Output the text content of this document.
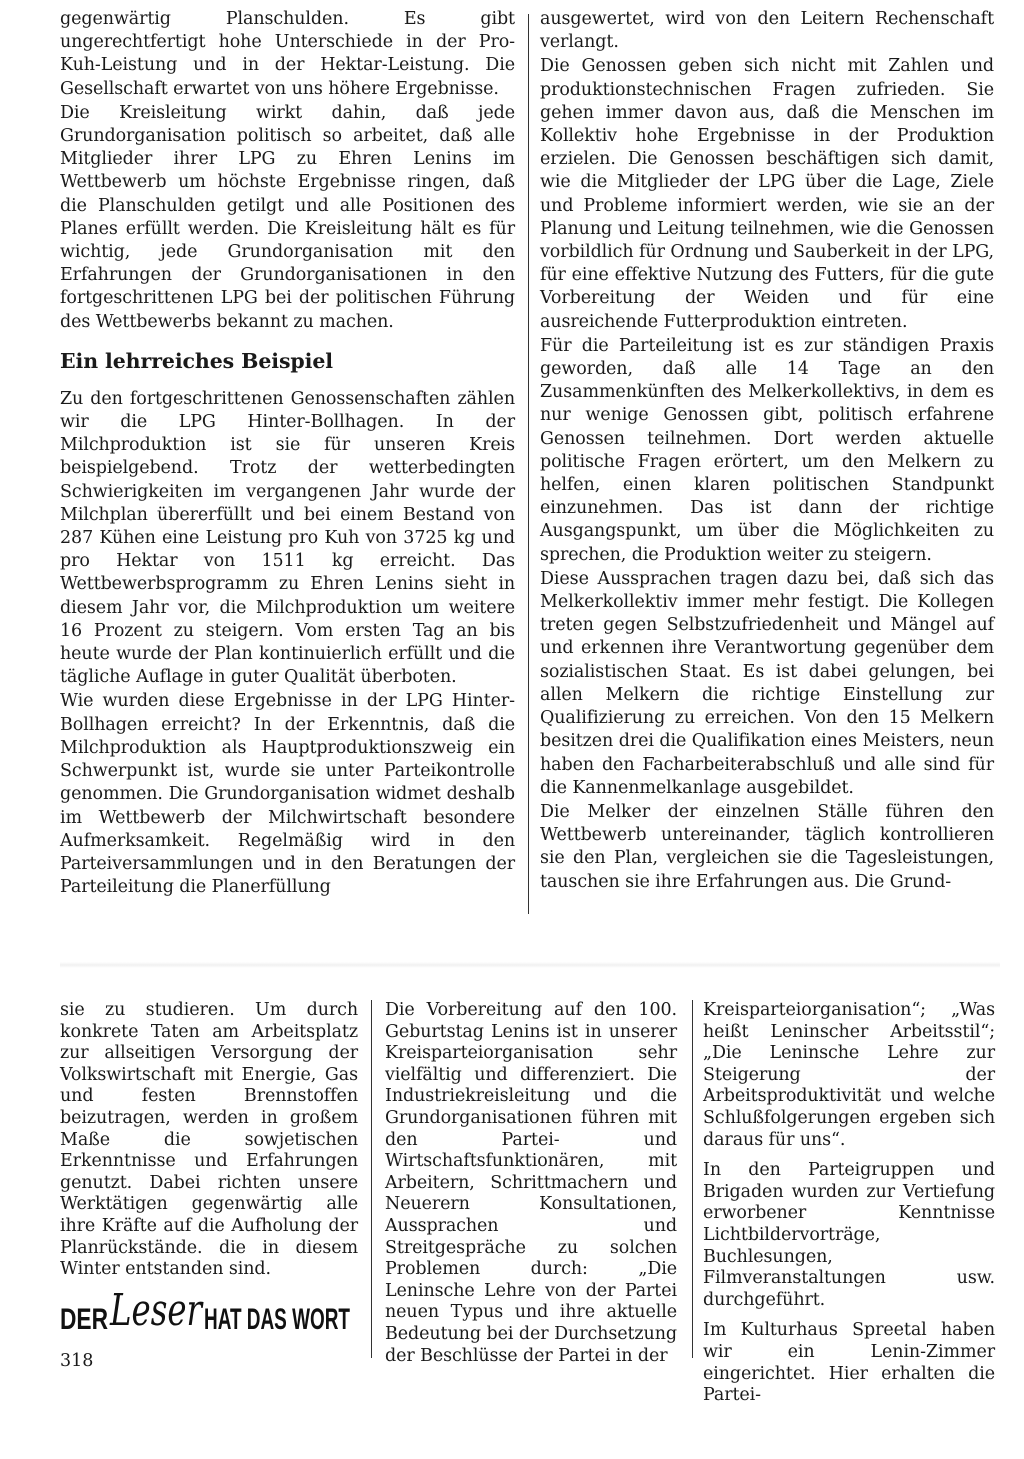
gegenwärtig Planschulden. Es gibt ungerechtfertigt hohe Unterschiede in der Pro-Kuh-Leistung und in der Hektar-Leistung. Die Gesellschaft erwartet von uns höhere Ergebnisse.

Die Kreisleitung wirkt dahin, daß jede Grundorganisation politisch so arbeitet, daß alle Mitglieder ihrer LPG zu Ehren Lenins im Wettbewerb um höchste Ergebnisse ringen, daß die Planschulden getilgt und alle Positionen des Planes erfüllt werden. Die Kreisleitung hält es für wichtig, jede Grundorganisation mit den Erfahrungen der Grundorganisationen in den fortgeschrittenen LPG bei der politischen Führung des Wettbewerbs bekannt zu machen.

Ein lehrreiches Beispiel

Zu den fortgeschrittenen Genossenschaften zählen wir die LPG Hinter-Bollhagen. In der Milchproduktion ist sie für unseren Kreis beispielgebend. Trotz der wetterbedingten Schwierigkeiten im vergangenen Jahr wurde der Milchplan übererfüllt und bei einem Bestand von 287 Kühen eine Leistung pro Kuh von 3725 kg und pro Hektar von 1511 kg erreicht. Das Wettbewerbsprogramm zu Ehren Lenins sieht in diesem Jahr vor, die Milchproduktion um weitere 16 Prozent zu steigern. Vom ersten Tag an bis heute wurde der Plan kontinuierlich erfüllt und die tägliche Auflage in guter Qualität überboten.

Wie wurden diese Ergebnisse in der LPG Hinter-Bollhagen erreicht? In der Erkenntnis, daß die Milchproduktion als Hauptproduktionszweig ein Schwerpunkt ist, wurde sie unter Parteikontrolle genommen. Die Grundorganisation widmet deshalb im Wettbewerb der Milchwirtschaft besondere Aufmerksamkeit. Regelmäßig wird in den Parteiversammlungen und in den Beratungen der Parteileitung die Planerfüllung

ausgewertet, wird von den Leitern Rechenschaft verlangt.

Die Genossen geben sich nicht mit Zahlen und produktionstechnischen Fragen zufrieden. Sie gehen immer davon aus, daß die Menschen im Kollektiv hohe Ergebnisse in der Produktion erzielen. Die Genossen beschäftigen sich damit, wie die Mitglieder der LPG über die Lage, Ziele und Probleme informiert werden, wie sie an der Planung und Leitung teilnehmen, wie die Genossen vorbildlich für Ordnung und Sauberkeit in der LPG, für eine effektive Nutzung des Futters, für die gute Vorbereitung der Weiden und für eine ausreichende Futterproduktion eintreten.

Für die Parteileitung ist es zur ständigen Praxis geworden, daß alle 14 Tage an den Zusammenkünften des Melkerkollektivs, in dem es nur wenige Genossen gibt, politisch erfahrene Genossen teilnehmen. Dort werden aktuelle politische Fragen erörtert, um den Melkern zu helfen, einen klaren politischen Standpunkt einzunehmen. Das ist dann der richtige Ausgangspunkt, um über die Möglichkeiten zu sprechen, die Produktion weiter zu steigern.

Diese Aussprachen tragen dazu bei, daß sich das Melkerkollektiv immer mehr festigt. Die Kollegen treten gegen Selbstzufriedenheit und Mängel auf und erkennen ihre Verantwortung gegenüber dem sozialistischen Staat. Es ist dabei gelungen, bei allen Melkern die richtige Einstellung zur Qualifizierung zu erreichen. Von den 15 Melkern besitzen drei die Qualifikation eines Meisters, neun haben den Facharbeiterabschluß und alle sind für die Kannenmelkanlage ausgebildet.

Die Melker der einzelnen Ställe führen den Wettbewerb untereinander, täglich kontrollieren sie den Plan, vergleichen sie die Tagesleistungen, tauschen sie ihre Erfahrungen aus. Die Grund-

sie zu studieren. Um durch konkrete Taten am Arbeitsplatz zur allseitigen Versorgung der Volkswirtschaft mit Energie, Gas und festen Brennstoffen beizutragen, werden in großem Maße die sowjetischen Erkenntnisse und Erfahrungen genutzt. Dabei richten unsere Werktätigen gegenwärtig alle ihre Kräfte auf die Aufholung der Planrückstände. die in diesem Winter entstanden sind.

Die Vorbereitung auf den 100. Geburtstag Lenins ist in unserer Kreisparteiorganisation sehr vielfältig und differenziert. Die Industriekreisleitung und die Grundorganisationen führen mit den Partei- und Wirtschaftsfunktionären, mit Arbeitern, Schrittmachern und Neuerern Konsultationen, Aussprachen und Streitgespräche zu solchen Problemen durch: „Die Leninsche Lehre von der Partei neuen Typus und ihre aktuelle Bedeutung bei der Durchsetzung der Beschlüsse der Partei in der

Kreisparteiorganisation“; „Was heißt Leninscher Arbeitsstil“; „Die Leninsche Lehre zur Steigerung der Arbeitsproduktivität und welche Schlußfolgerungen ergeben sich daraus für uns“.

In den Parteigruppen und Brigaden wurden zur Vertiefung erworbener Kenntnisse Lichtbildervorträge, Buchlesungen, Filmveranstaltungen usw. durchgeführt.

Im Kulturhaus Spreetal haben wir ein Lenin-Zimmer eingerichtet. Hier erhalten die Partei-

DER Leser HAT DAS WORT
318
